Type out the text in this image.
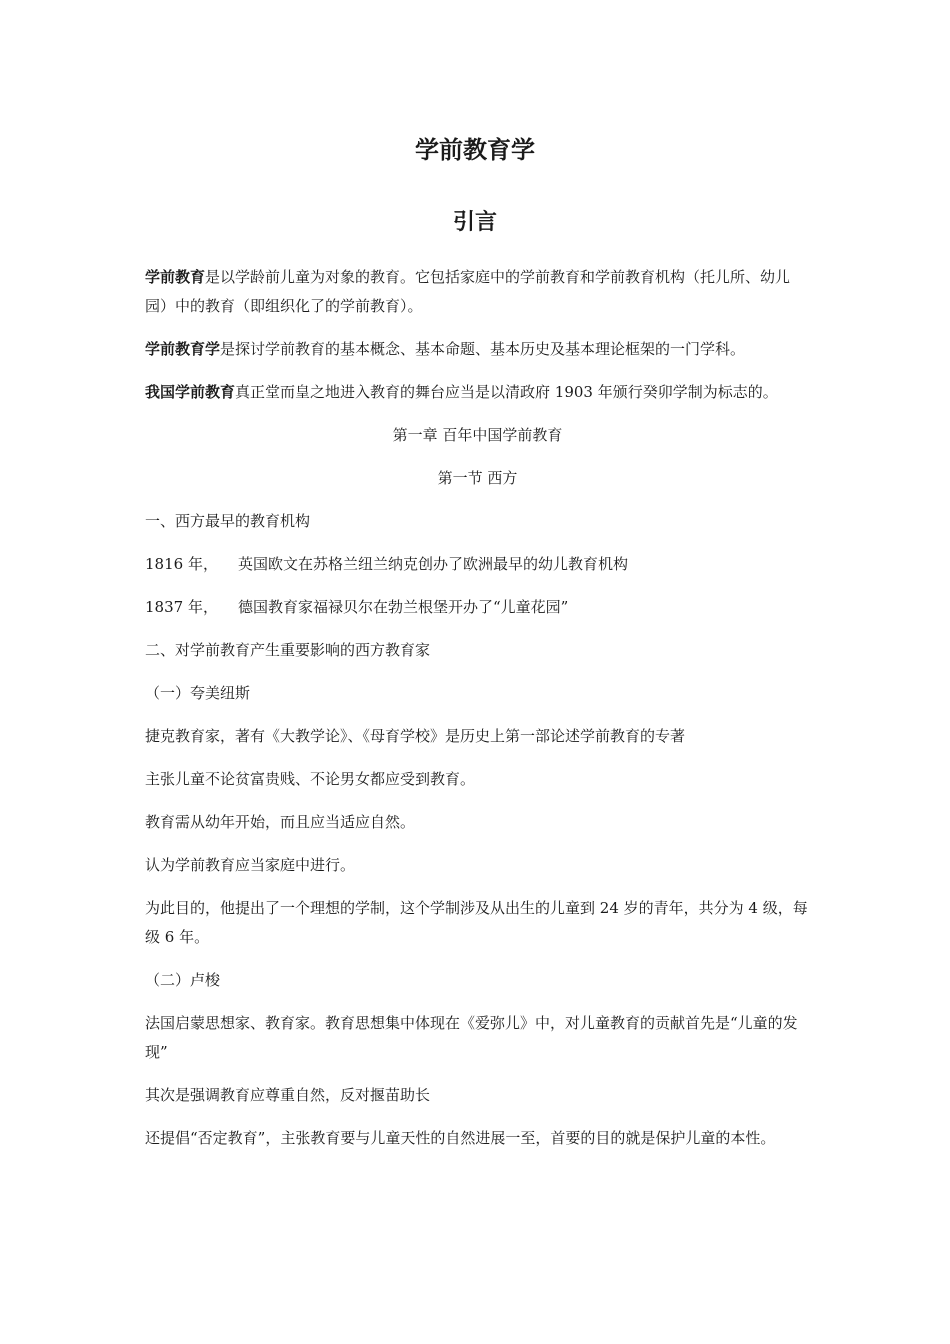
学前教育学
引言

学前教育是以学龄前儿童为对象的教育。它包括家庭中的学前教育和学前教育机构（托儿所、幼儿园）中的教育（即组织化了的学前教育）。

学前教育学是探讨学前教育的基本概念、基本命题、基本历史及基本理论框架的一门学科。

我国学前教育真正堂而皇之地进入教育的舞台应当是以清政府 1903 年颁行癸卯学制为标志的。

第一章 百年中国学前教育

第一节 西方

一、西方最早的教育机构

1816 年， 英国欧文在苏格兰纽兰纳克创办了欧洲最早的幼儿教育机构

1837 年， 德国教育家福禄贝尔在勃兰根堡开办了“儿童花园”

二、对学前教育产生重要影响的西方教育家

（一）夸美纽斯

捷克教育家，著有《大教学论》、《母育学校》是历史上第一部论述学前教育的专著

主张儿童不论贫富贵贱、不论男女都应受到教育。

教育需从幼年开始，而且应当适应自然。

认为学前教育应当家庭中进行。

为此目的，他提出了一个理想的学制，这个学制涉及从出生的儿童到 24 岁的青年，共分为 4 级，每级 6 年。

（二）卢梭

法国启蒙思想家、教育家。教育思想集中体现在《爱弥儿》中，对儿童教育的贡献首先是“儿童的发现”

其次是强调教育应尊重自然，反对揠苗助长

还提倡“否定教育”，主张教育要与儿童天性的自然进展一至，首要的目的就是保护儿童的本性。
